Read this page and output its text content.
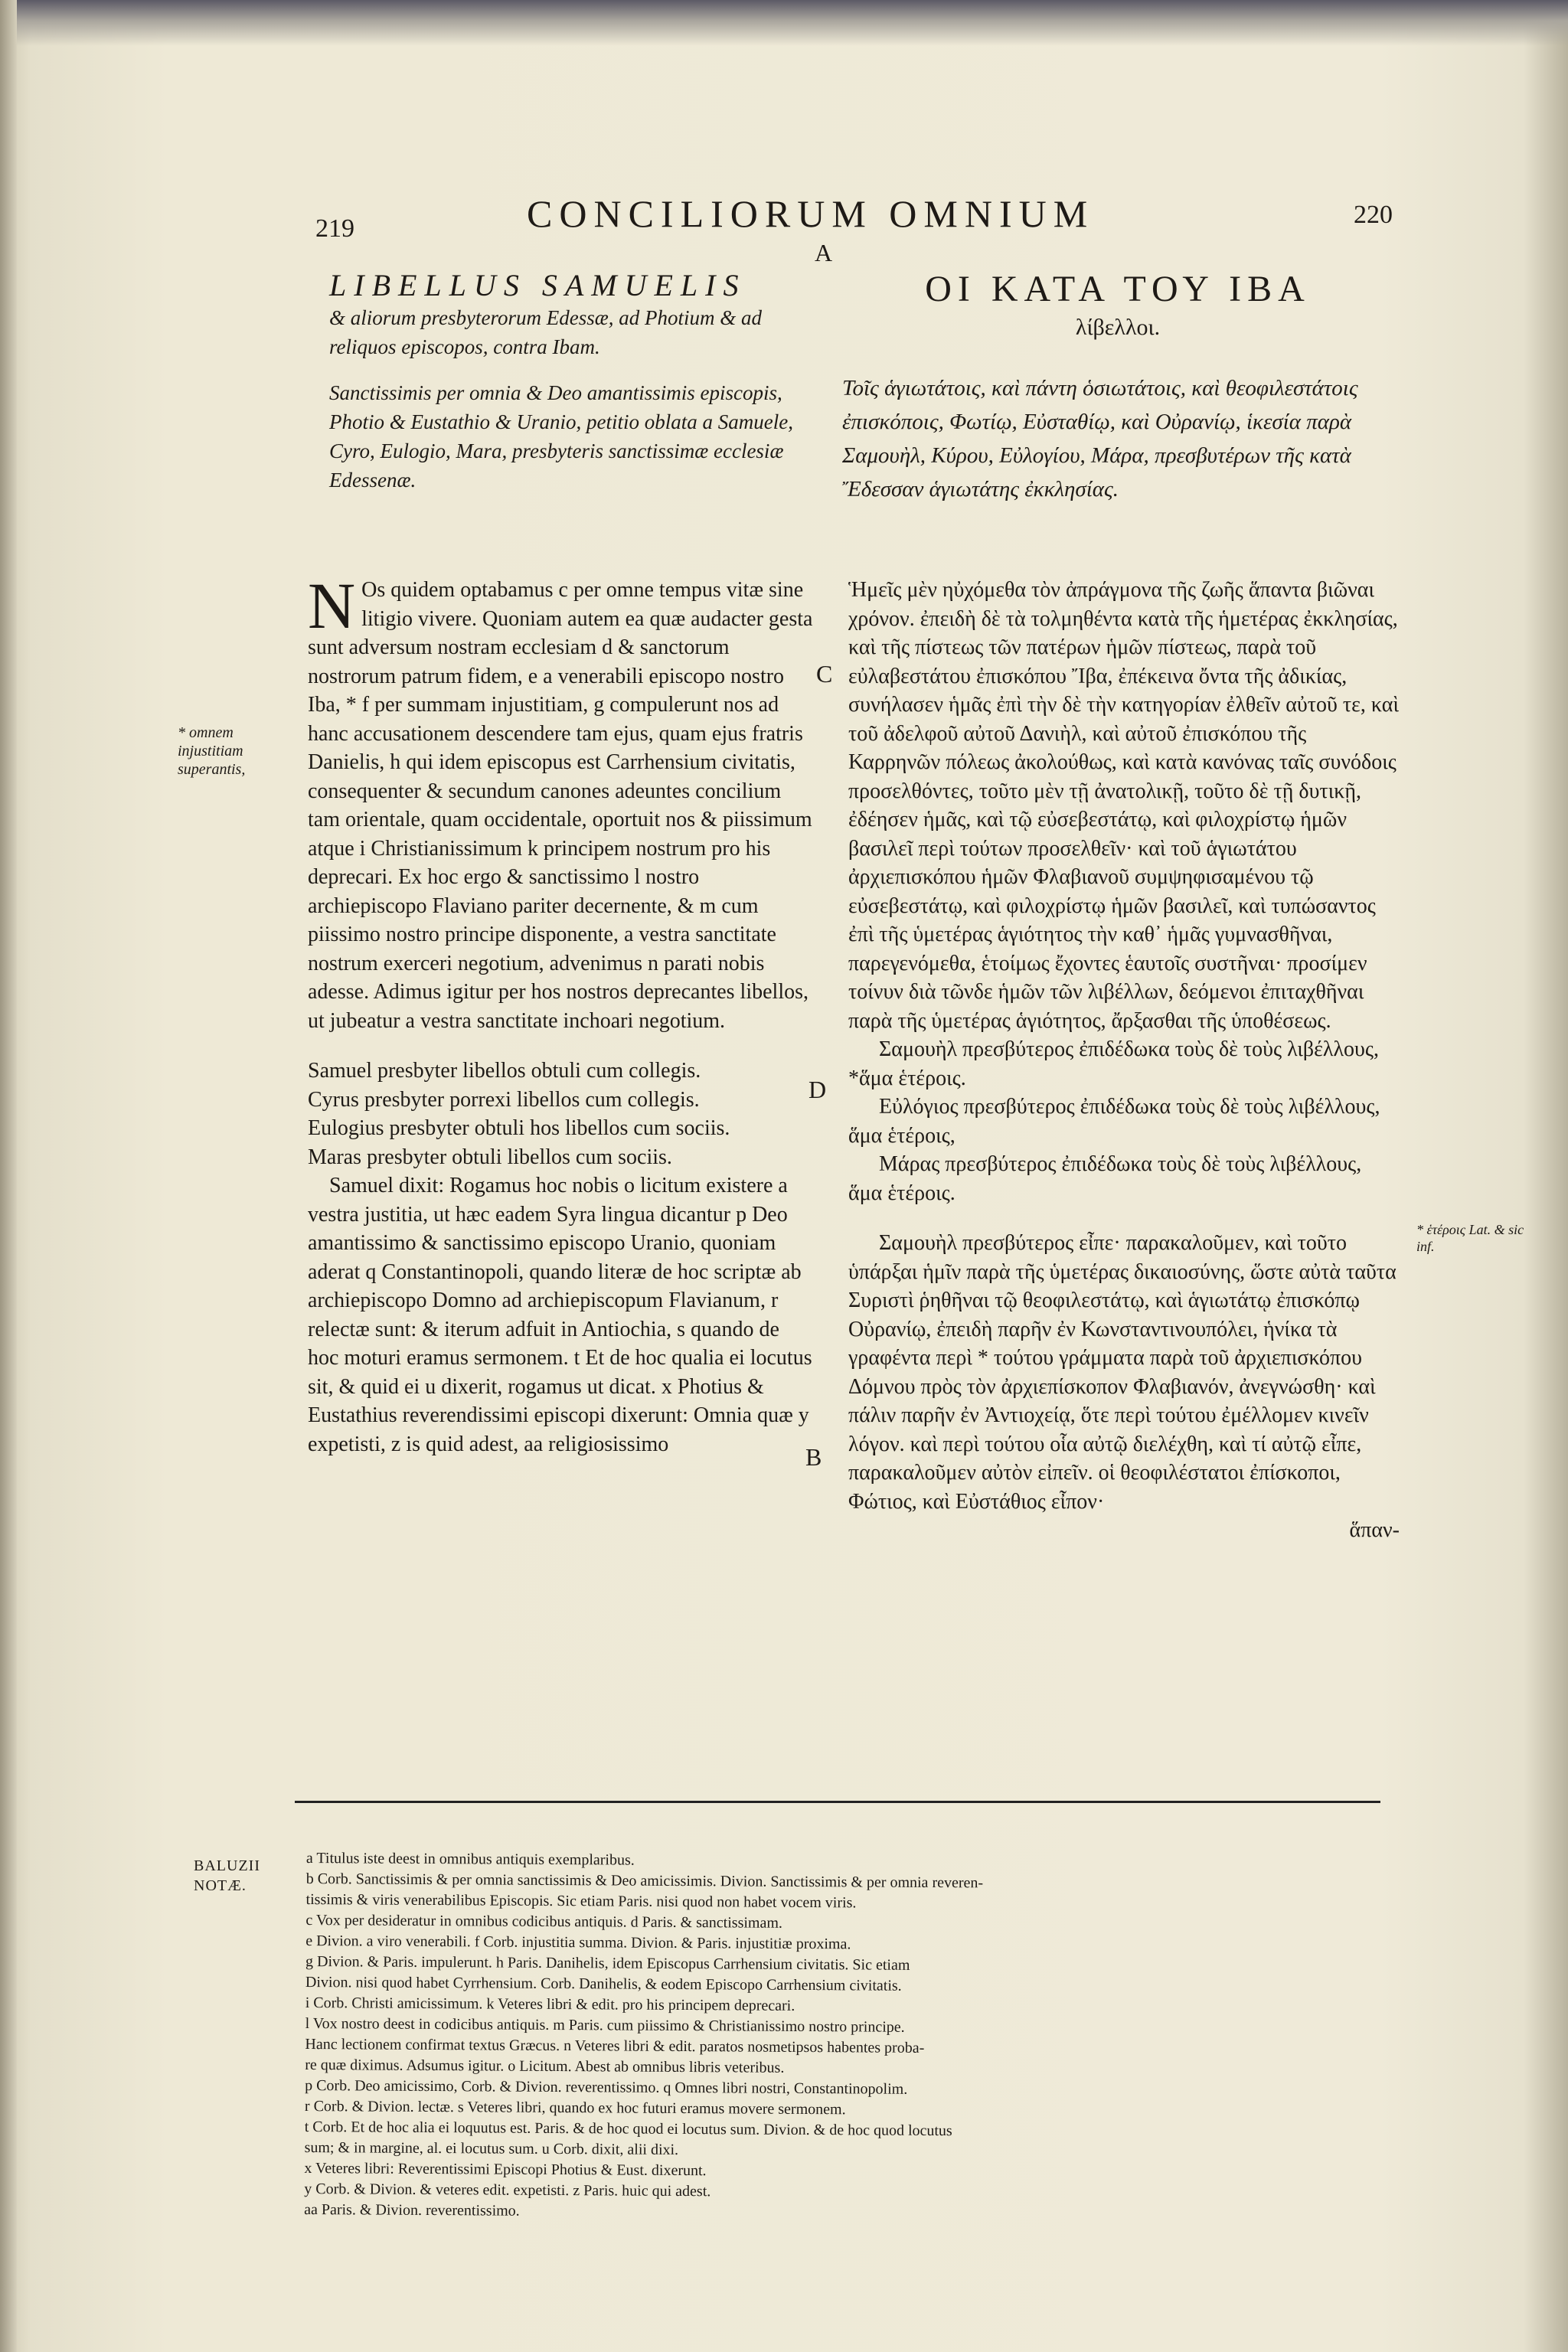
219	CONCILIORUM OMNIUM	220
A
LIBELLUS SAMUELIS
& aliorum presbyterorum Edessæ, ad Photium & ad reliquos episcopos, contra Ibam.
Sanctissimis per omnia & Deo amantissimis episcopis, Photio & Eustathio & Uranio, petitio oblata a Samuele, Cyro, Eulogio, Mara, presbyteris sanctissimæ ecclesiæ Edessenæ.
ΟΙ ΚΑΤΑ ΤΟΥ ΙΒΑ
λίβελλοι.
Τοῖς ἁγιωτάτοις, καὶ πάντη ὁσιωτάτοις, καὶ θεοφιλεστάτοις ἐπισκόποις, Φωτίῳ, Εὐσταθίῳ, καὶ Οὐρανίῳ, ἱκεσία παρὰ Σαμουὴλ, Κύρου, Εὐλογίου, Μάρα, πρεσβυτέρων τῆς κατὰ Ἔδεσσαν ἁγιωτάτης ἐκκλησίας.

N Os quidem optabamus c per omne tempus vitæ sine litigio vivere. Quoniam autem ea quæ audacter gesta sunt adversum nostram ecclesiam d & sanctorum nostrorum patrum fidem, e a venerabili episcopo nostro Iba, * f per summam injustitiam, g compulerunt nos ad hanc accusationem descendere tam ejus, quam ejus fratris Danielis, h qui idem episcopus est Carrhensium civitatis, consequenter & secundum canones adeuntes concilium tam orientale, quam occidentale, oportuit nos & piissimum atque i Christianissimum k principem nostrum pro his deprecari. Ex hoc ergo & sanctissimo l nostro archiepiscopo Flaviano pariter decernente, & m cum piissimo nostro principe disponente, a vestra sanctitate nostrum exerceri negotium, advenimus n parati nobis adesse. Adimus igitur per hos nostros deprecantes libellos, ut jubeatur a vestra sanctitate inchoari negotium.

Samuel presbyter libellos obtuli cum collegis.

Cyrus presbyter porrexi libellos cum collegis.

Eulogius presbyter obtuli hos libellos cum sociis.

Maras presbyter obtuli libellos cum sociis.

Samuel dixit: Rogamus hoc nobis o licitum existere a vestra justitia, ut hæc eadem Syra lingua dicantur p Deo amantissimo & sanctissimo episcopo Uranio, quoniam aderat q Constantinopoli, quando literæ de hoc scriptæ ab archiepiscopo Domno ad archiepiscopum Flavianum, r relectæ sunt: & iterum adfuit in Antiochia, s quando de hoc moturi eramus sermonem. t Et de hoc qualia ei locutus sit, & quid ei u dixerit, rogamus ut dicat. x Photius & Eustathius reverendissimi episcopi dixerunt: Omnia quæ y expetisti, z is quid adest, aa religiosissimo

Ἡμεῖς μὲν ηὐχόμεθα τὸν ἀπράγμονα τῆς ζωῆς ἅπαντα βιῶναι χρόνον. ἐπειδὴ δὲ τὰ τολμηθέντα κατὰ τῆς ἡμετέρας ἐκκλησίας, καὶ τῆς πίστεως τῶν πατέρων ἡμῶν πίστεως, παρὰ τοῦ εὐλαβεστάτου ἐπισκόπου Ἴβα, ἐπέκεινα ὄντα τῆς ἀδικίας, συνήλασεν ἡμᾶς ἐπὶ τὴν δὲ τὴν κατηγορίαν ἐλθεῖν αὐτοῦ τε, καὶ τοῦ ἀδελφοῦ αὐτοῦ Δανιὴλ, καὶ αὐτοῦ ἐπισκόπου τῆς Καρρηνῶν πόλεως ἀκολούθως, καὶ κατὰ κανόνας ταῖς συνόδοις προσελθόντες, τοῦτο μὲν τῇ ἀνατολικῇ, τοῦτο δὲ τῇ δυτικῇ, ἐδέησεν ἡμᾶς, καὶ τῷ εὐσεβεστάτῳ, καὶ φιλοχρίστῳ ἡμῶν βασιλεῖ περὶ τούτων προσελθεῖν· καὶ τοῦ ἁγιωτάτου ἀρχιεπισκόπου ἡμῶν Φλαβιανοῦ συμψηφισαμένου τῷ εὐσεβεστάτῳ, καὶ φιλοχρίστῳ ἡμῶν βασιλεῖ, καὶ τυπώσαντος ἐπὶ τῆς ὑμετέρας ἁγιότητος τὴν καθ᾽ ἡμᾶς γυμνασθῆναι, παρεγενόμεθα, ἑτοίμως ἔχοντες ἑαυτοῖς συστῆναι· προσίμεν τοίνυν διὰ τῶνδε ἡμῶν τῶν λιβέλλων, δεόμενοι ἐπιταχθῆναι παρὰ τῆς ὑμετέρας ἁγιότητος, ἄρξασθαι τῆς ὑποθέσεως.

Σαμουὴλ πρεσβύτερος ἐπιδέδωκα τοὺς δὲ τοὺς λιβέλλους, *ἅμα ἑτέροις.

Εὐλόγιος πρεσβύτερος ἐπιδέδωκα τοὺς δὲ τοὺς λιβέλλους, ἅμα ἑτέροις,

Μάρας πρεσβύτερος ἐπιδέδωκα τοὺς δὲ τοὺς λιβέλλους, ἅμα ἑτέροις.

Σαμουὴλ πρεσβύτερος εἶπε· παρακαλοῦμεν, καὶ τοῦτο ὑπάρξαι ἡμῖν παρὰ τῆς ὑμετέρας δικαιοσύνης, ὥστε αὐτὰ ταῦτα Συριστὶ ῥηθῆναι τῷ θεοφιλεστάτῳ, καὶ ἁγιωτάτῳ ἐπισκόπῳ Οὐρανίῳ, ἐπειδὴ παρῆν ἐν Κωνσταντινουπόλει, ἡνίκα τὰ γραφέντα περὶ * τούτου γράμματα παρὰ τοῦ ἀρχιεπισκόπου Δόμνου πρὸς τὸν ἀρχιεπίσκοπον Φλαβιανόν, ἀνεγνώσθη· καὶ πάλιν παρῆν ἐν Ἀντιοχείᾳ, ὅτε περὶ τούτου ἐμέλλομεν κινεῖν λόγον. καὶ περὶ τούτου οἷα αὐτῷ διελέχθη, καὶ τί αὐτῷ εἶπε, παρακαλοῦμεν αὐτὸν εἰπεῖν. οἱ θεοφιλέστατοι ἐπίσκοποι, Φώτιος, καὶ Εὐστάθιος εἶπον·

ἅπαν-

C
D
B
* omnem injustitiam superantis,
* ἑτέροις Lat. & sic inf.
BALUZII NOTÆ.
a Titulus iste deest in omnibus antiquis exemplaribus.
b Corb. Sanctissimis & per omnia sanctissimis & Deo amicissimis. Divion. Sanctissimis & per omnia reveren-
tissimis & viris venerabilibus Episcopis. Sic etiam Paris. nisi quod non habet vocem viris.
c Vox per desideratur in omnibus codicibus antiquis. d Paris. & sanctissimam.
e Divion. a viro venerabili. f Corb. injustitia summa. Divion. & Paris. injustitiæ proxima.
g Divion. & Paris. impulerunt. h Paris. Danihelis, idem Episcopus Carrhensium civitatis. Sic etiam
Divion. nisi quod habet Cyrrhensium. Corb. Danihelis, & eodem Episcopo Carrhensium civitatis.
i Corb. Christi amicissimum. k Veteres libri & edit. pro his principem deprecari.
l Vox nostro deest in codicibus antiquis. m Paris. cum piissimo & Christianissimo nostro principe.
Hanc lectionem confirmat textus Græcus. n Veteres libri & edit. paratos nosmetipsos habentes proba-
re quæ diximus. Adsumus igitur. o Licitum. Abest ab omnibus libris veteribus.
p Corb. Deo amicissimo, Corb. & Divion. reverentissimo. q Omnes libri nostri, Constantinopolim.
r Corb. & Divion. lectæ. s Veteres libri, quando ex hoc futuri eramus movere sermonem.
t Corb. Et de hoc alia ei loquutus est. Paris. & de hoc quod ei locutus sum. Divion. & de hoc quod locutus
sum; & in margine, al. ei locutus sum. u Corb. dixit, alii dixi.
x Veteres libri: Reverentissimi Episcopi Photius & Eust. dixerunt.
y Corb. & Divion. & veteres edit. expetisti. z Paris. huic qui adest.
aa Paris. & Divion. reverentissimo.
